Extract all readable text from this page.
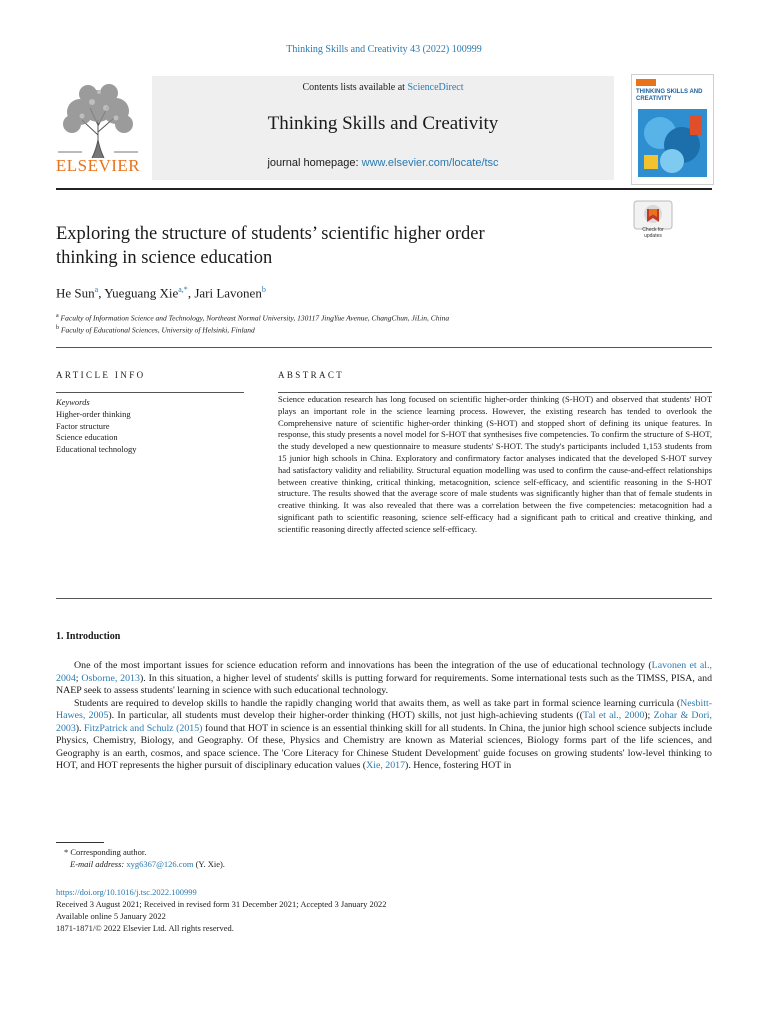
Thinking Skills and Creativity 43 (2022) 100999
ELSEVIER
Contents lists available at ScienceDirect
Thinking Skills and Creativity
journal homepage: www.elsevier.com/locate/tsc
THINKING SKILLS AND CREATIVITY
Check for updates
Exploring the structure of students’ scientific higher order
thinking in science education
He Sun$^a$, Yueguang Xie$^{a,*}$, Jari Lavonen$^b$
$^a$ Faculty of Information Science and Technology, Northeast Normal University, 130117 JingYue Avenue, ChangChun, JiLin, China
$^b$ Faculty of Educational Sciences, University of Helsinki, Finland
ARTICLE INFO
Keywords
Higher-order thinking
Factor structure
Science education
Educational technology
ABSTRACT
Science education research has long focused on scientific higher-order thinking (S-HOT) and observed that students' HOT plays an important role in the science learning process. However, the existing research has tended to overlook the Comprehensive nature of scientific higher-order thinking (S-HOT) and stopped short of defining its unique features. In response, this study presents a novel model for S-HOT that synthesises five competencies. To confirm the structure of S-HOT, the study developed a new questionnaire to measure students' S-HOT. The study's participants included 1,153 students from 15 junior high schools in China. Exploratory and confirmatory factor analyses indicated that the developed S-HOT survey had satisfactory validity and reliability. Structural equation modelling was used to confirm the cause-and-effect relationships between creative thinking, critical thinking, metacognition, science self-efficacy, and scientific reasoning in the S-HOT structure. The results showed that the average score of male students was significantly higher than that of female students in creative thinking. It was also revealed that there was a correlation between the five competencies: metacognition had a significant path to scientific reasoning, science self-efficacy had a significant path to critical and creative thinking, and scientific reasoning directly affected science self-efficacy.
1. Introduction

One of the most important issues for science education reform and innovations has been the integration of the use of educational technology (Lavonen et al., 2004; Osborne, 2013). In this situation, a higher level of students' skills is putting forward for requirements. Some international tests such as the TIMSS, PISA, and NAEP seek to assess students' learning in science with such educational technology.

Students are required to develop skills to handle the rapidly changing world that awaits them, as well as take part in formal science learning curricula (Nesbitt-Hawes, 2005). In particular, all students must develop their higher-order thinking (HOT) skills, not just high-achieving students ((Tal et al., 2000); Zohar & Dori, 2003). FitzPatrick and Schulz (2015) found that HOT in science is an essential thinking skill for all students. In China, the junior high school science subjects include Physics, Chemistry, Biology, and Geography. Of these, Physics and Chemistry are known as Material sciences, Biology forms part of the life sciences, and Geography is an earth, cosmos, and space science. The 'Core Literacy for Chinese Student Development' guide focuses on growing students' low-level thinking to HOT, and HOT represents the higher pursuit of disciplinary education values (Xie, 2017). Hence, fostering HOT in

* Corresponding author.
E-mail address: xyg6367@126.com (Y. Xie).
https://doi.org/10.1016/j.tsc.2022.100999
Received 3 August 2021; Received in revised form 31 December 2021; Accepted 3 January 2022
Available online 5 January 2022
1871-1871/© 2022 Elsevier Ltd. All rights reserved.
